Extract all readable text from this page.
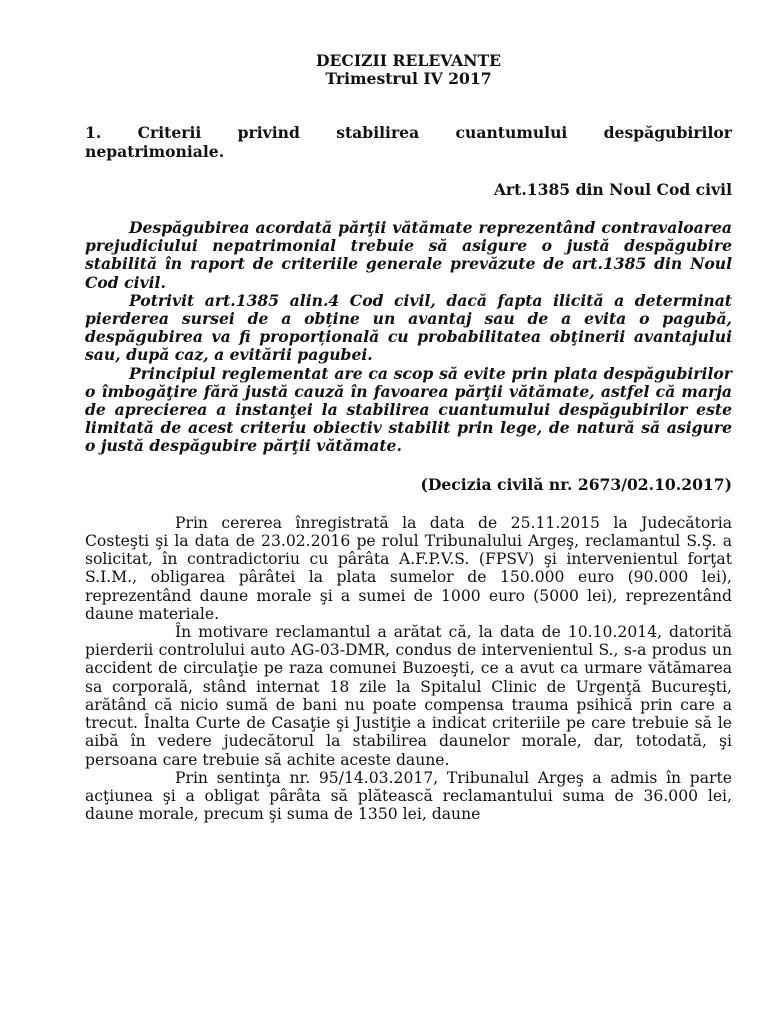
DECIZII RELEVANTE

Trimestrul IV 2017

1. Criterii privind stabilirea cuantumului despăgubirilor

nepatrimoniale.

Art.1385 din Noul Cod civil

Despăgubirea acordată părţii vătămate reprezentând contravaloarea prejudiciului nepatrimonial trebuie să asigure o justă despăgubire stabilită în raport de criteriile generale prevăzute de art.1385 din Noul Cod civil.

Potrivit art.1385 alin.4 Cod civil, dacă fapta ilicită a determinat pierderea sursei de a obține un avantaj sau de a evita o pagubă, despăgubirea va fi proporțională cu probabilitatea obţinerii avantajului sau, după caz, a evitării pagubei.

Principiul reglementat are ca scop să evite prin plata despăgubirilor o îmbogăţire fără justă cauză în favoarea părţii vătămate, astfel că marja de aprecierea a instanţei la stabilirea cuantumului despăgubirilor este limitată de acest criteriu obiectiv stabilit prin lege, de natură să asigure o justă despăgubire părţii vătămate.

(Decizia civilă nr. 2673/02.10.2017)

Prin cererea înregistrată la data de 25.11.2015 la Judecătoria Costeşti şi la data de 23.02.2016 pe rolul Tribunalului Argeş, reclamantul S.Ş. a solicitat, în contradictoriu cu pârâta A.F.P.V.S. (FPSV) şi intervenientul forţat S.I.M., obligarea pârâtei la plata sumelor de 150.000 euro (90.000 lei), reprezentând daune morale şi a sumei de 1000 euro (5000 lei), reprezentând daune materiale.

În motivare reclamantul a arătat că, la data de 10.10.2014, datorită pierderii controlului auto AG-03-DMR, condus de intervenientul S., s-a produs un accident de circulaţie pe raza comunei Buzoeşti, ce a avut ca urmare vătămarea sa corporală, stând internat 18 zile la Spitalul Clinic de Urgenţă Bucureşti, arătând că nicio sumă de bani nu poate compensa trauma psihică prin care a trecut. Înalta Curte de Casaţie şi Justiţie a indicat criteriile pe care trebuie să le aibă în vedere judecătorul la stabilirea daunelor morale, dar, totodată, şi persoana care trebuie să achite aceste daune.

Prin sentinţa nr. 95/14.03.2017, Tribunalul Argeş a admis în parte acţiunea şi a obligat pârâta să plătească reclamantului suma de 36.000 lei, daune morale, precum şi suma de 1350 lei, daune
